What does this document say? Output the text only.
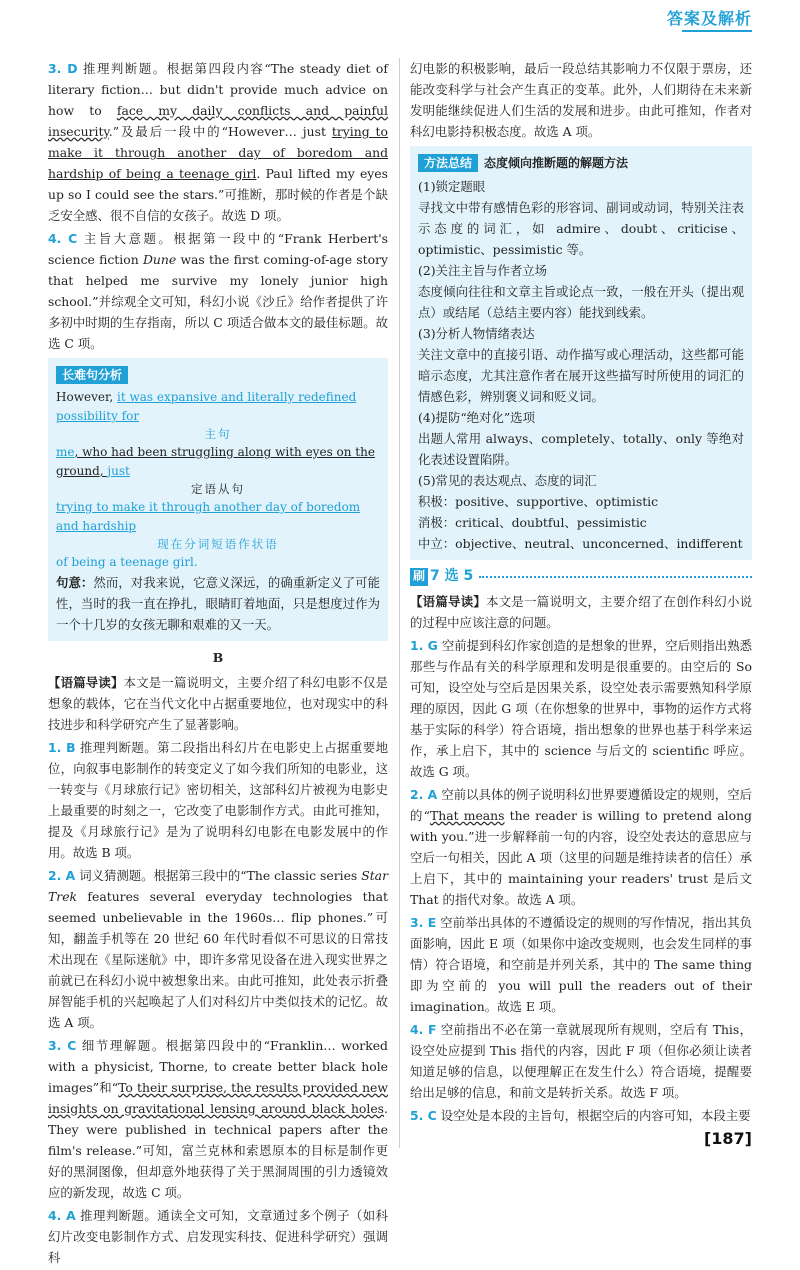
答案及解析

3. D 推理判断题。根据第四段内容“The steady diet of literary fiction… but didn't provide much advice on how to face my daily conflicts and painful insecurity.”及最后一段中的“However… just trying to make it through another day of boredom and hardship of being a teenage girl. Paul lifted my eyes up so I could see the stars.”可推断，那时候的作者是个缺乏安全感、很不自信的女孩子。故选 D 项。

4. C 主旨大意题。根据第一段中的“Frank Herbert's science fiction Dune was the first coming-of-age story that helped me survive my lonely junior high school.”并综观全文可知，科幻小说《沙丘》给作者提供了许多初中时期的生存指南，所以 C 项适合做本文的最佳标题。故选 C 项。

长难句分析
However, it was expansive and literally redefined possibility for
主句
me, who had been struggling along with eyes on the ground, just
定语从句
trying to make it through another day of boredom and hardship
现在分词短语作状语
of being a teenage girl.

句意：然而，对我来说，它意义深远，的确重新定义了可能性，当时的我一直在挣扎，眼睛盯着地面，只是想度过作为一个十几岁的女孩无聊和艰难的又一天。

B

【语篇导读】本文是一篇说明文，主要介绍了科幻电影不仅是想象的载体，它在当代文化中占据重要地位，也对现实中的科技进步和科学研究产生了显著影响。

1. B 推理判断题。第二段指出科幻片在电影史上占据重要地位，向叙事电影制作的转变定义了如今我们所知的电影业，这一转变与《月球旅行记》密切相关，这部科幻片被视为电影史上最重要的时刻之一，它改变了电影制作方式。由此可推知，提及《月球旅行记》是为了说明科幻电影在电影发展中的作用。故选 B 项。

2. A 词义猜测题。根据第三段中的“The classic series Star Trek features several everyday technologies that seemed unbelievable in the 1960s… flip phones.”可知，翻盖手机等在 20 世纪 60 年代时看似不可思议的日常技术出现在《星际迷航》中，即许多常见设备在进入现实世界之前就已在科幻小说中被想象出来。由此可推知，此处表示折叠屏智能手机的兴起唤起了人们对科幻片中类似技术的记忆。故选 A 项。

3. C 细节理解题。根据第四段中的“Franklin… worked with a physicist, Thorne, to create better black hole images”和“To their surprise, the results provided new insights on gravitational lensing around black holes. They were published in technical papers after the film's release.”可知，富兰克林和索恩原本的目标是制作更好的黑洞图像，但却意外地获得了关于黑洞周围的引力透镜效应的新发现，故选 C 项。

4. A 推理判断题。通读全文可知，文章通过多个例子（如科幻片改变电影制作方式、启发现实科技、促进科学研究）强调科

幻电影的积极影响，最后一段总结其影响力不仅限于票房，还能改变科学与社会产生真正的变革。此外，人们期待在未来新发明能继续促进人们生活的发展和进步。由此可推知，作者对科幻电影持积极态度。故选 A 项。

方法总结 态度倾向推断题的解题方法

(1)锁定题眼

寻找文中带有感情色彩的形容词、副词或动词，特别关注表示态度的词汇，如 admire、doubt、criticise、optimistic、pessimistic 等。

(2)关注主旨与作者立场

态度倾向往往和文章主旨或论点一致，一般在开头（提出观点）或结尾（总结主要内容）能找到线索。

(3)分析人物情绪表达

关注文章中的直接引语、动作描写或心理活动，这些都可能暗示态度，尤其注意作者在展开这些描写时所使用的词汇的情感色彩，辨别褒义词和贬义词。

(4)提防“绝对化”选项

出题人常用 always、completely、totally、only 等绝对化表述设置陷阱。

(5)常见的表达观点、态度的词汇

积极：positive、supportive、optimistic

消极：critical、doubtful、pessimistic

中立：objective、neutral、unconcerned、indifferent

刷 7 选 5

【语篇导读】本文是一篇说明文，主要介绍了在创作科幻小说的过程中应该注意的问题。

1. G 空前提到科幻作家创造的是想象的世界，空后则指出熟悉那些与作品有关的科学原理和发明是很重要的。由空后的 So 可知，设空处与空后是因果关系，设空处表示需要熟知科学原理的原因，因此 G 项（在你想象的世界中，事物的运作方式将基于实际的科学）符合语境，指出想象的世界也基于科学来运作，承上启下，其中的 science 与后文的 scientific 呼应。故选 G 项。

2. A 空前以具体的例子说明科幻世界要遵循设定的规则，空后的“That means the reader is willing to pretend along with you.”进一步解释前一句的内容，设空处表达的意思应与空后一句相关，因此 A 项（这里的问题是维持读者的信任）承上启下，其中的 maintaining your readers' trust 是后文 That 的指代对象。故选 A 项。

3. E 空前举出具体的不遵循设定的规则的写作情况，指出其负面影响，因此 E 项（如果你中途改变规则，也会发生同样的事情）符合语境，和空前是并列关系，其中的 The same thing 即为空前的 you will pull the readers out of their imagination。故选 E 项。

4. F 空前指出不必在第一章就展现所有规则，空后有 This，设空处应提到 This 指代的内容，因此 F 项（但你必须让读者知道足够的信息，以便理解正在发生什么）符合语境，提醒要给出足够的信息，和前文是转折关系。故选 F 项。

5. C 设空处是本段的主旨句，根据空后的内容可知，本段主要

[187]
